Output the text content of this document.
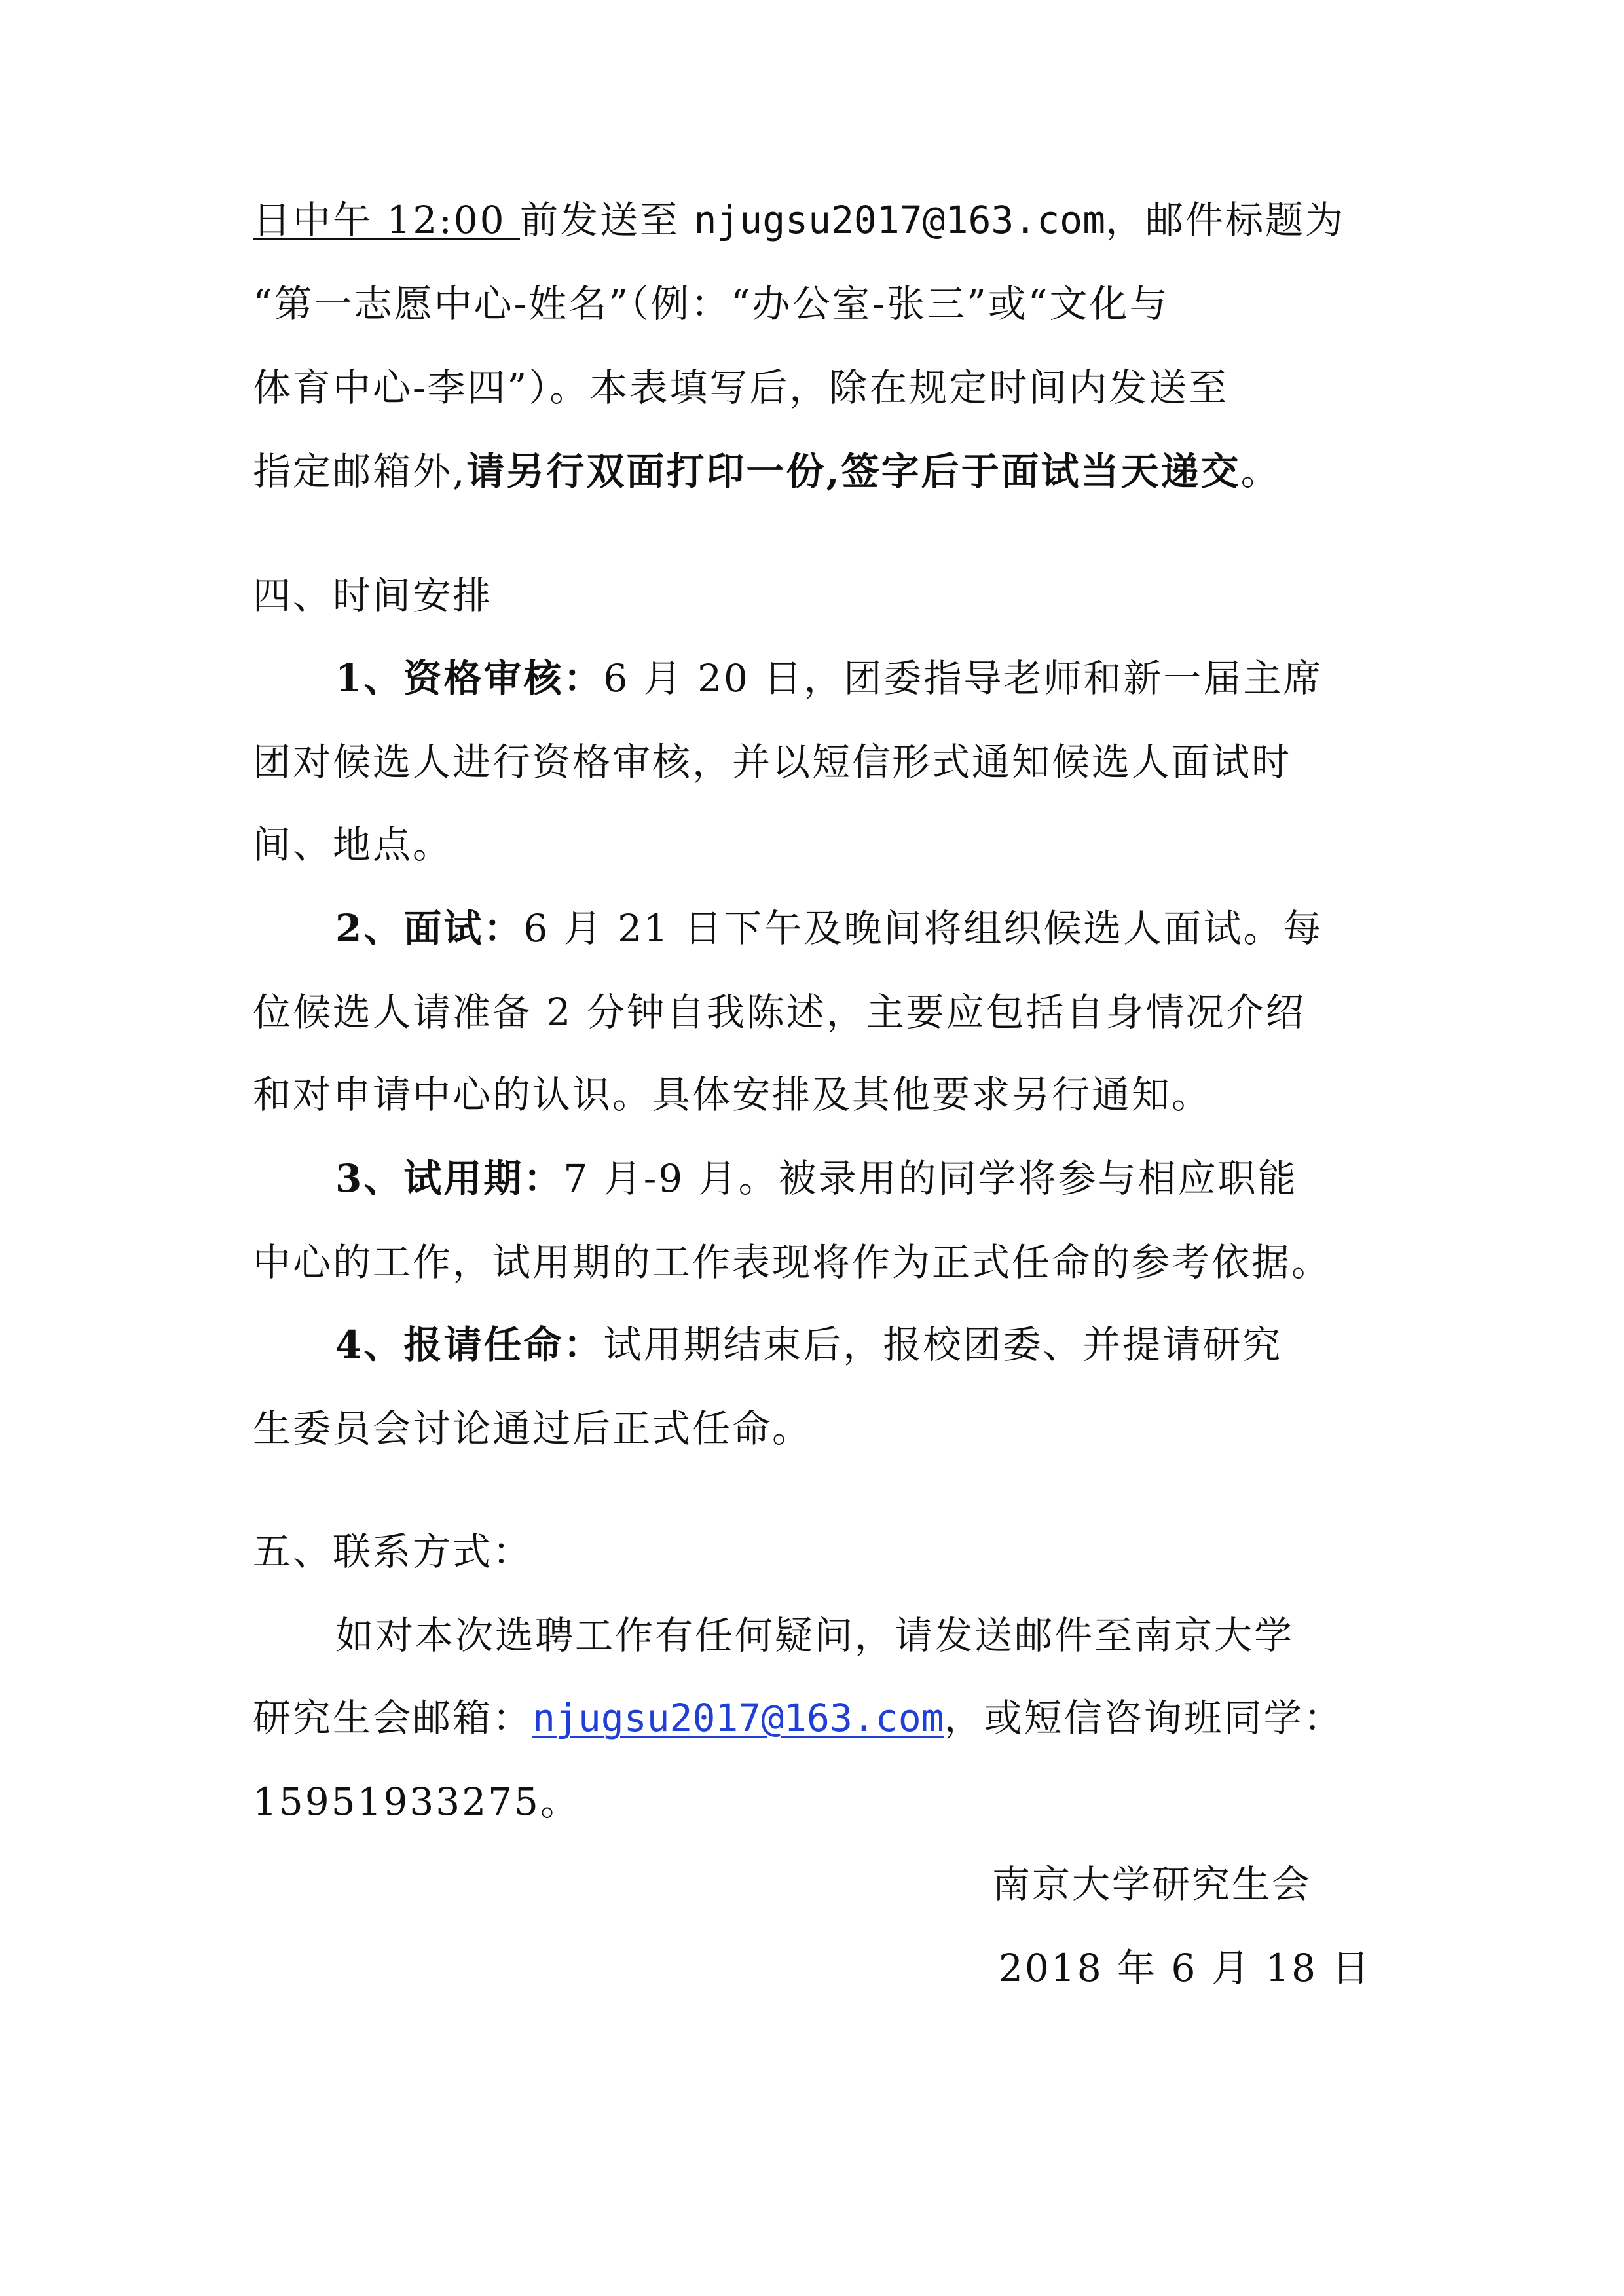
日中午 12:00 前发送至 njugsu2017@163.com，邮件标题为
“第一志愿中心-姓名”（例：“办公室-张三”或“文化与
体育中心-李四”）。本表填写后，除在规定时间内发送至
指定邮箱外,请另行双面打印一份,签字后于面试当天递交。
四、时间安排
1、资格审核：6 月 20 日，团委指导老师和新一届主席
团对候选人进行资格审核，并以短信形式通知候选人面试时
间、地点。
2、面试：6 月 21 日下午及晚间将组织候选人面试。每
位候选人请准备 2 分钟自我陈述，主要应包括自身情况介绍
和对申请中心的认识。具体安排及其他要求另行通知。
3、试用期：7 月-9 月。被录用的同学将参与相应职能
中心的工作，试用期的工作表现将作为正式任命的参考依据。
4、报请任命：试用期结束后，报校团委、并提请研究
生委员会讨论通过后正式任命。
五、联系方式：
如对本次选聘工作有任何疑问，请发送邮件至南京大学
研究生会邮箱：njugsu2017@163.com，或短信咨询班同学：
15951933275。
南京大学研究生会
2018 年 6 月 18 日
